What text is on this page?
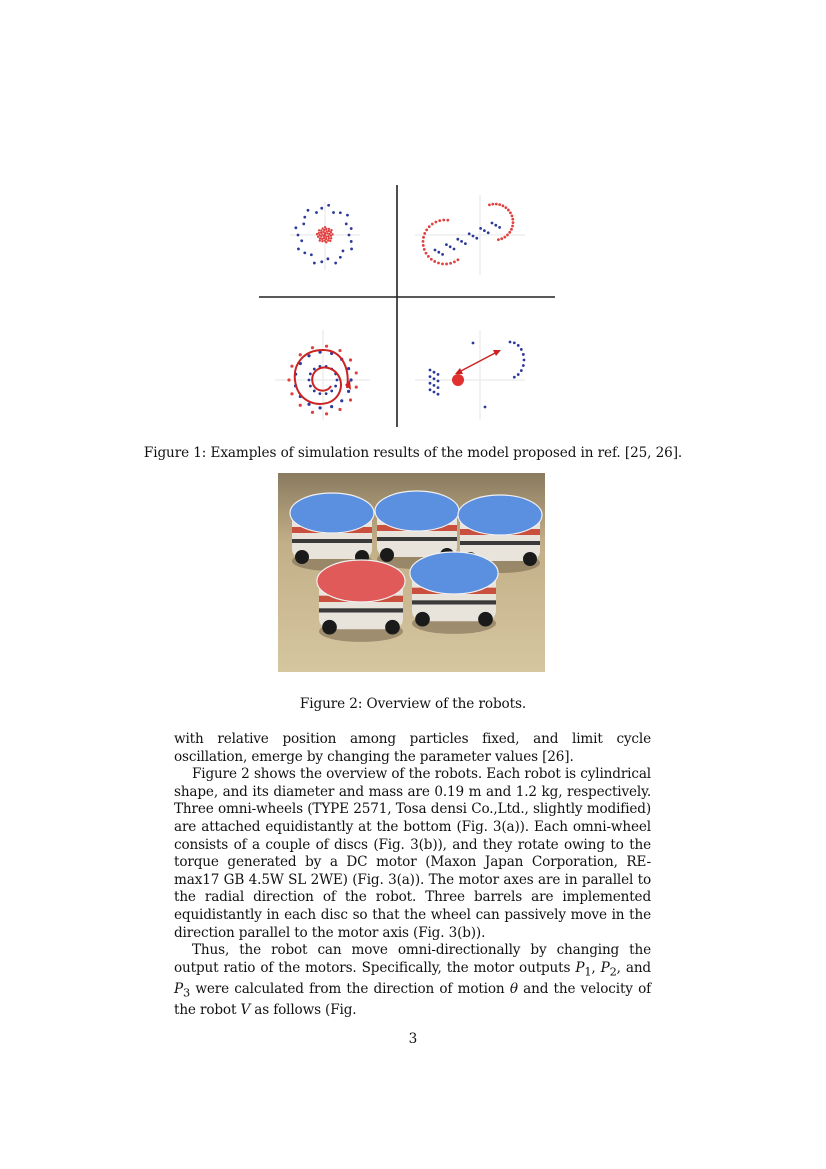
Figure 1: Examples of simulation results of the model proposed in ref. [25, 26].
Figure 2: Overview of the robots.

with relative position among particles fixed, and limit cycle oscillation, emerge by changing the parameter values [26].

Figure 2 shows the overview of the robots. Each robot is cylindrical shape, and its diameter and mass are 0.19 m and 1.2 kg, respectively. Three omni-wheels (TYPE 2571, Tosa densi Co.,Ltd., slightly modified) are attached equidistantly at the bottom (Fig. 3(a)). Each omni-wheel consists of a couple of discs (Fig. 3(b)), and they rotate owing to the torque generated by a DC motor (Maxon Japan Corporation, RE-max17 GB 4.5W SL 2WE) (Fig. 3(a)). The motor axes are in parallel to the radial direction of the robot. Three barrels are implemented equidistantly in each disc so that the wheel can passively move in the direction parallel to the motor axis (Fig. 3(b)).

Thus, the robot can move omni-directionally by changing the output ratio of the motors. Specifically, the motor outputs $P_1$, $P_2$, and $P_3$ were calculated from the direction of motion θ and the velocity of the robot V as follows (Fig.

3
